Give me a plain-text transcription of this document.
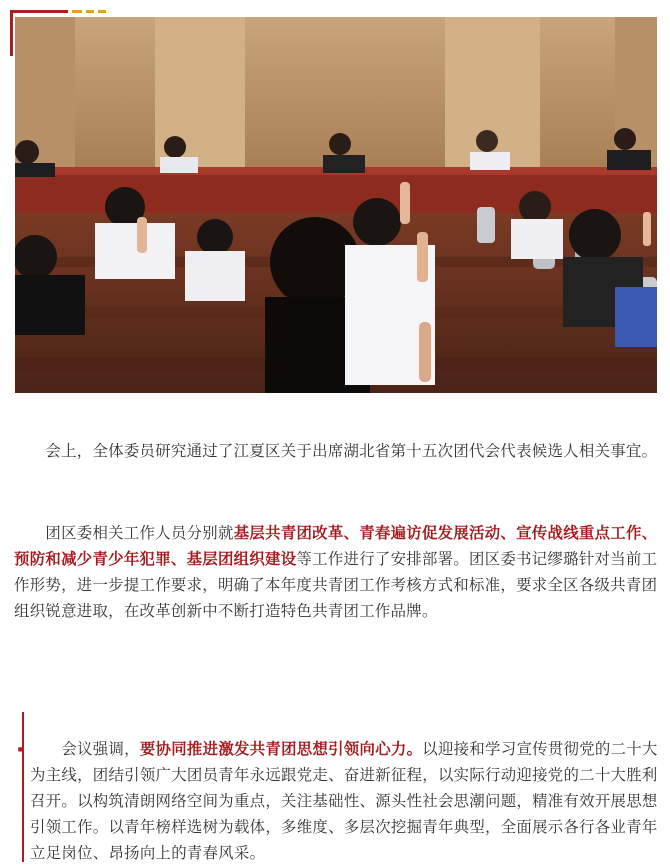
  会上，全体委员研究通过了江夏区关于出席湖北省第十五次团代会代表候选人相关事宜。

  团区委相关工作人员分别就基层共青团改革、青春遍访促发展活动、宣传战线重点工作、预防和减少青少年犯罪、基层团组织建设等工作进行了安排部署。团区委书记缪璐针对当前工作形势，进一步提工作要求，明确了本年度共青团工作考核方式和标准，要求全区各级共青团组织锐意进取，在改革创新中不断打造特色共青团工作品牌。

·

  	会议强调，要协同推进激发共青团思想引领向心力。以迎接和学习宣传贯彻党的二十大为主线，团结引领广大团员青年永远跟党走、奋进新征程，以实际行动迎接党的二十大胜利召开。以构筑清朗网络空间为重点，关注基础性、源头性社会思潮问题，精准有效开展思想引领工作。以青年榜样选树为载体，多维度、多层次挖掘青年典型，全面展示各行各业青年立足岗位、昂扬向上的青春风采。
